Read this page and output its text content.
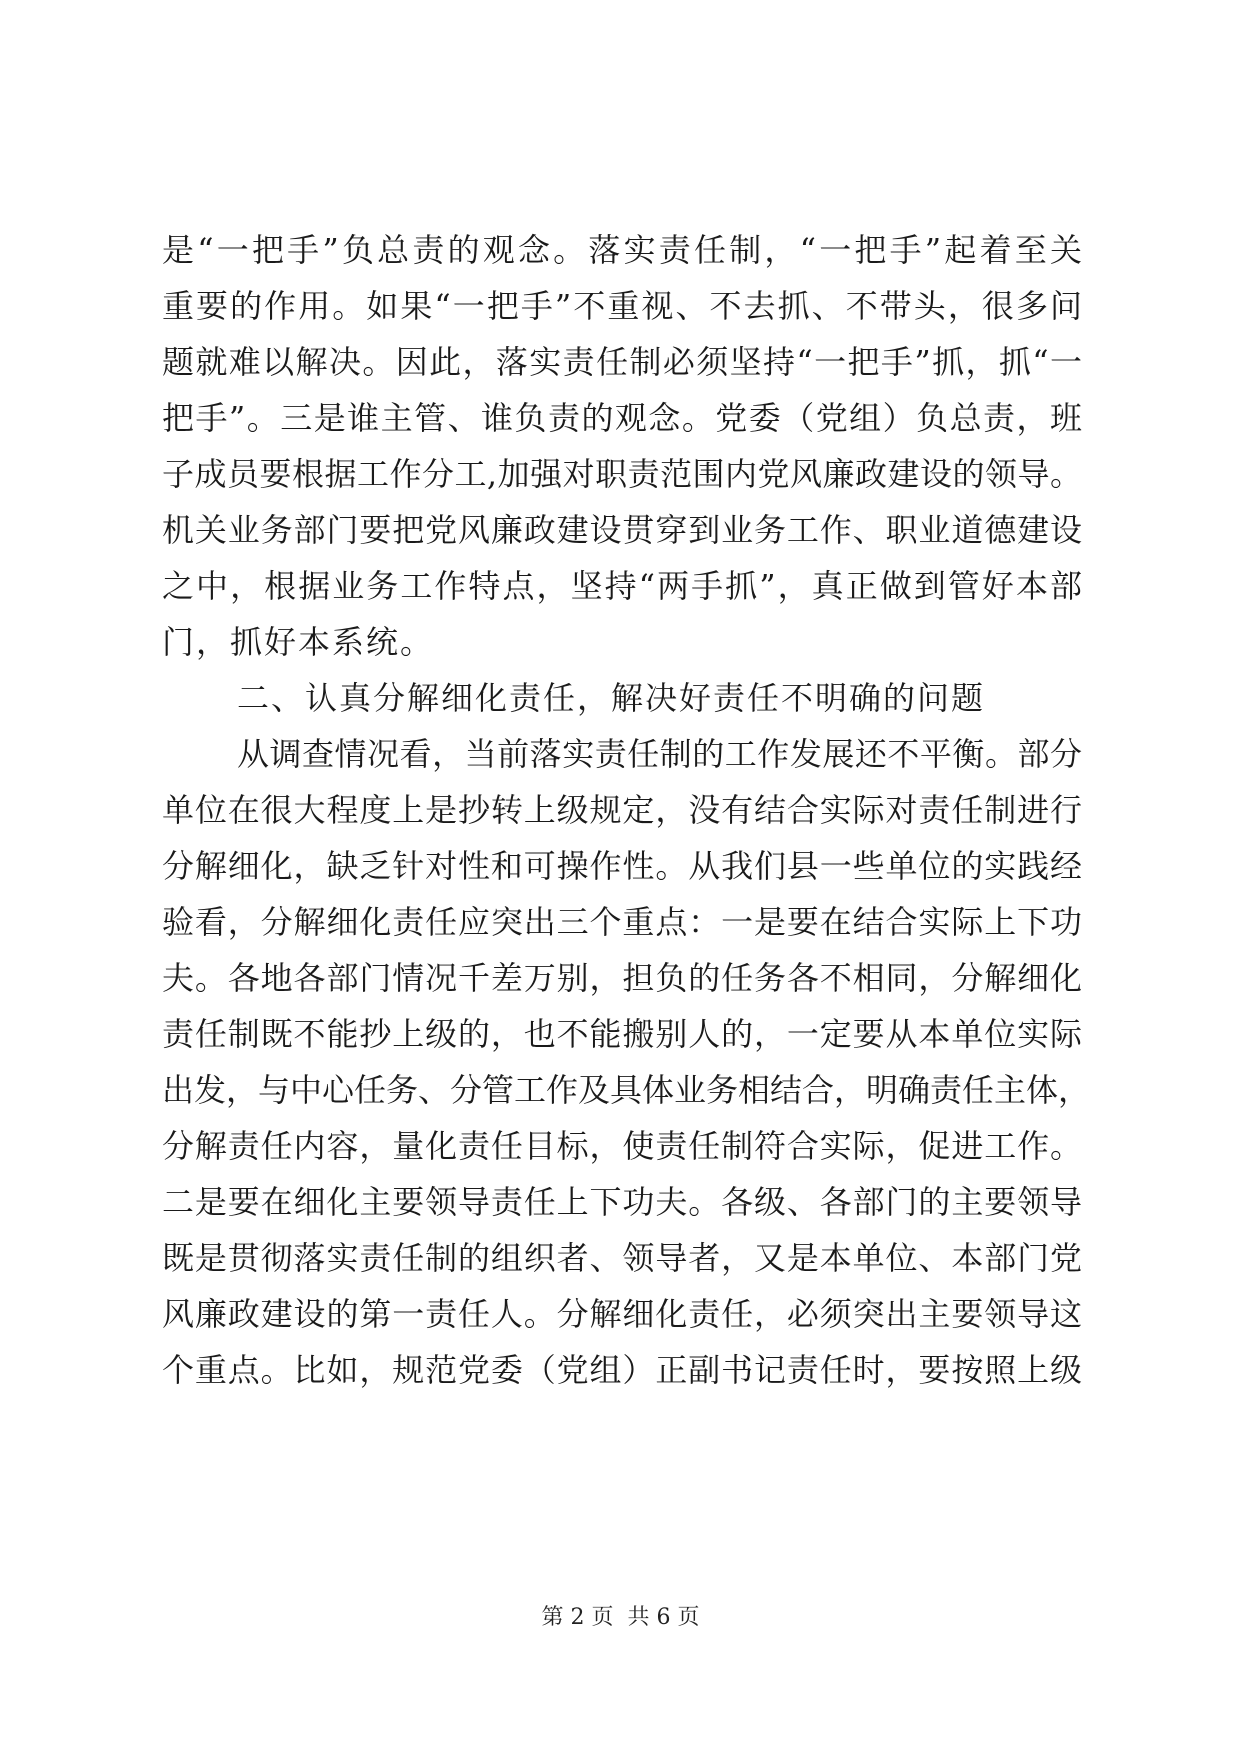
是“一把手”负总责的观念。落实责任制，“一把手”起着至关
重要的作用。如果“一把手”不重视、不去抓、不带头，很多问
题就难以解决。因此，落实责任制必须坚持“一把手”抓，抓“一
把手”。三是谁主管、谁负责的观念。党委（党组）负总责，班
子成员要根据工作分工,加强对职责范围内党风廉政建设的领导。
机关业务部门要把党风廉政建设贯穿到业务工作、职业道德建设
之中，根据业务工作特点，坚持“两手抓”，真正做到管好本部
门，抓好本系统。
二、认真分解细化责任，解决好责任不明确的问题
从调查情况看，当前落实责任制的工作发展还不平衡。部分
单位在很大程度上是抄转上级规定，没有结合实际对责任制进行
分解细化，缺乏针对性和可操作性。从我们县一些单位的实践经
验看，分解细化责任应突出三个重点：一是要在结合实际上下功
夫。各地各部门情况千差万别，担负的任务各不相同，分解细化
责任制既不能抄上级的，也不能搬别人的，一定要从本单位实际
出发，与中心任务、分管工作及具体业务相结合，明确责任主体，
分解责任内容，量化责任目标，使责任制符合实际，促进工作。
二是要在细化主要领导责任上下功夫。各级、各部门的主要领导
既是贯彻落实责任制的组织者、领导者，又是本单位、本部门党
风廉政建设的第一责任人。分解细化责任，必须突出主要领导这
个重点。比如，规范党委（党组）正副书记责任时，要按照上级
第 2 页  共 6 页
